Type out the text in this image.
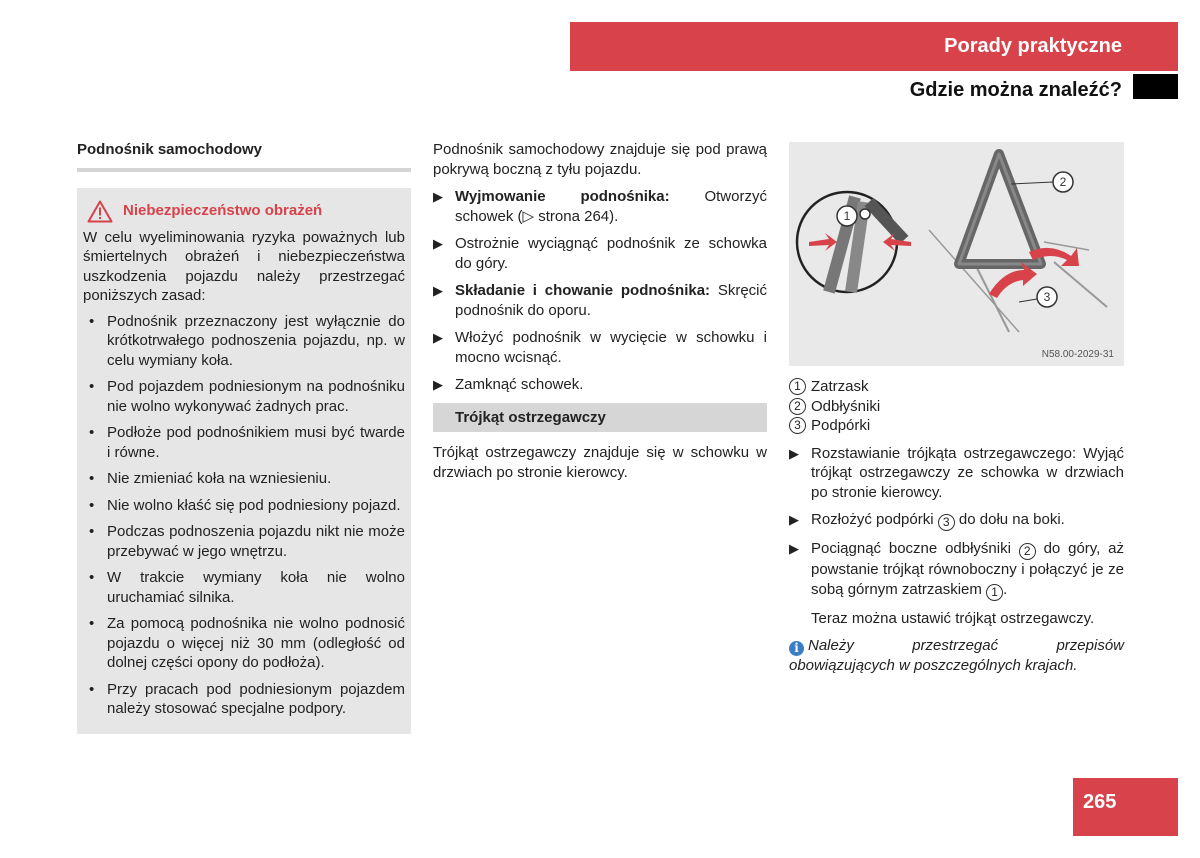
Porady praktyczne
Gdzie można znaleźć?
Podnośnik samochodowy
Niebezpieczeństwo obrażeń
W celu wyeliminowania ryzyka poważnych lub śmiertelnych obrażeń i niebezpieczeństwa uszkodzenia pojazdu należy przestrzegać poniższych zasad:
• Podnośnik przeznaczony jest wyłącznie do krótkotrwałego podnoszenia pojazdu, np. w celu wymiany koła.
• Pod pojazdem podniesionym na podnośniku nie wolno wykonywać żadnych prac.
• Podłoże pod podnośnikiem musi być twarde i równe.
• Nie zmieniać koła na wzniesieniu.
• Nie wolno kłaść się pod podniesiony pojazd.
• Podczas podnoszenia pojazdu nikt nie może przebywać w jego wnętrzu.
• W trakcie wymiany koła nie wolno uruchamiać silnika.
• Za pomocą podnośnika nie wolno podnosić pojazdu o więcej niż 30 mm (odległość od dolnej części opony do podłoża).
• Przy pracach pod podniesionym pojazdem należy stosować specjalne podpory.
Podnośnik samochodowy znajduje się pod prawą pokrywą boczną z tyłu pojazdu.
▶ Wyjmowanie podnośnika: Otworzyć schowek (▷ strona 264).
▶ Ostrożnie wyciągnąć podnośnik ze schowka do góry.
▶ Składanie i chowanie podnośnika: Skręcić podnośnik do oporu.
▶ Włożyć podnośnik w wycięcie w schowku i mocno wcisnąć.
▶ Zamknąć schowek.
Trójkąt ostrzegawczy
Trójkąt ostrzegawczy znajduje się w schowku w drzwiach po stronie kierowcy.
1
2
3
N58.00-2029-31
1 Zatrzask
2 Odbłyśniki
3 Podpórki
▶ Rozstawianie trójkąta ostrzegawczego: Wyjąć trójkąt ostrzegawczy ze schowka w drzwiach po stronie kierowcy.
▶ Rozłożyć podpórki 3 do dołu na boki.
▶ Pociągnąć boczne odbłyśniki 2 do góry, aż powstanie trójkąt równoboczny i połączyć je ze sobą górnym zatrzaskiem 1 .
Teraz można ustawić trójkąt ostrzegawczy.
i Należy przestrzegać przepisów obowiązujących w poszczególnych krajach.
265
